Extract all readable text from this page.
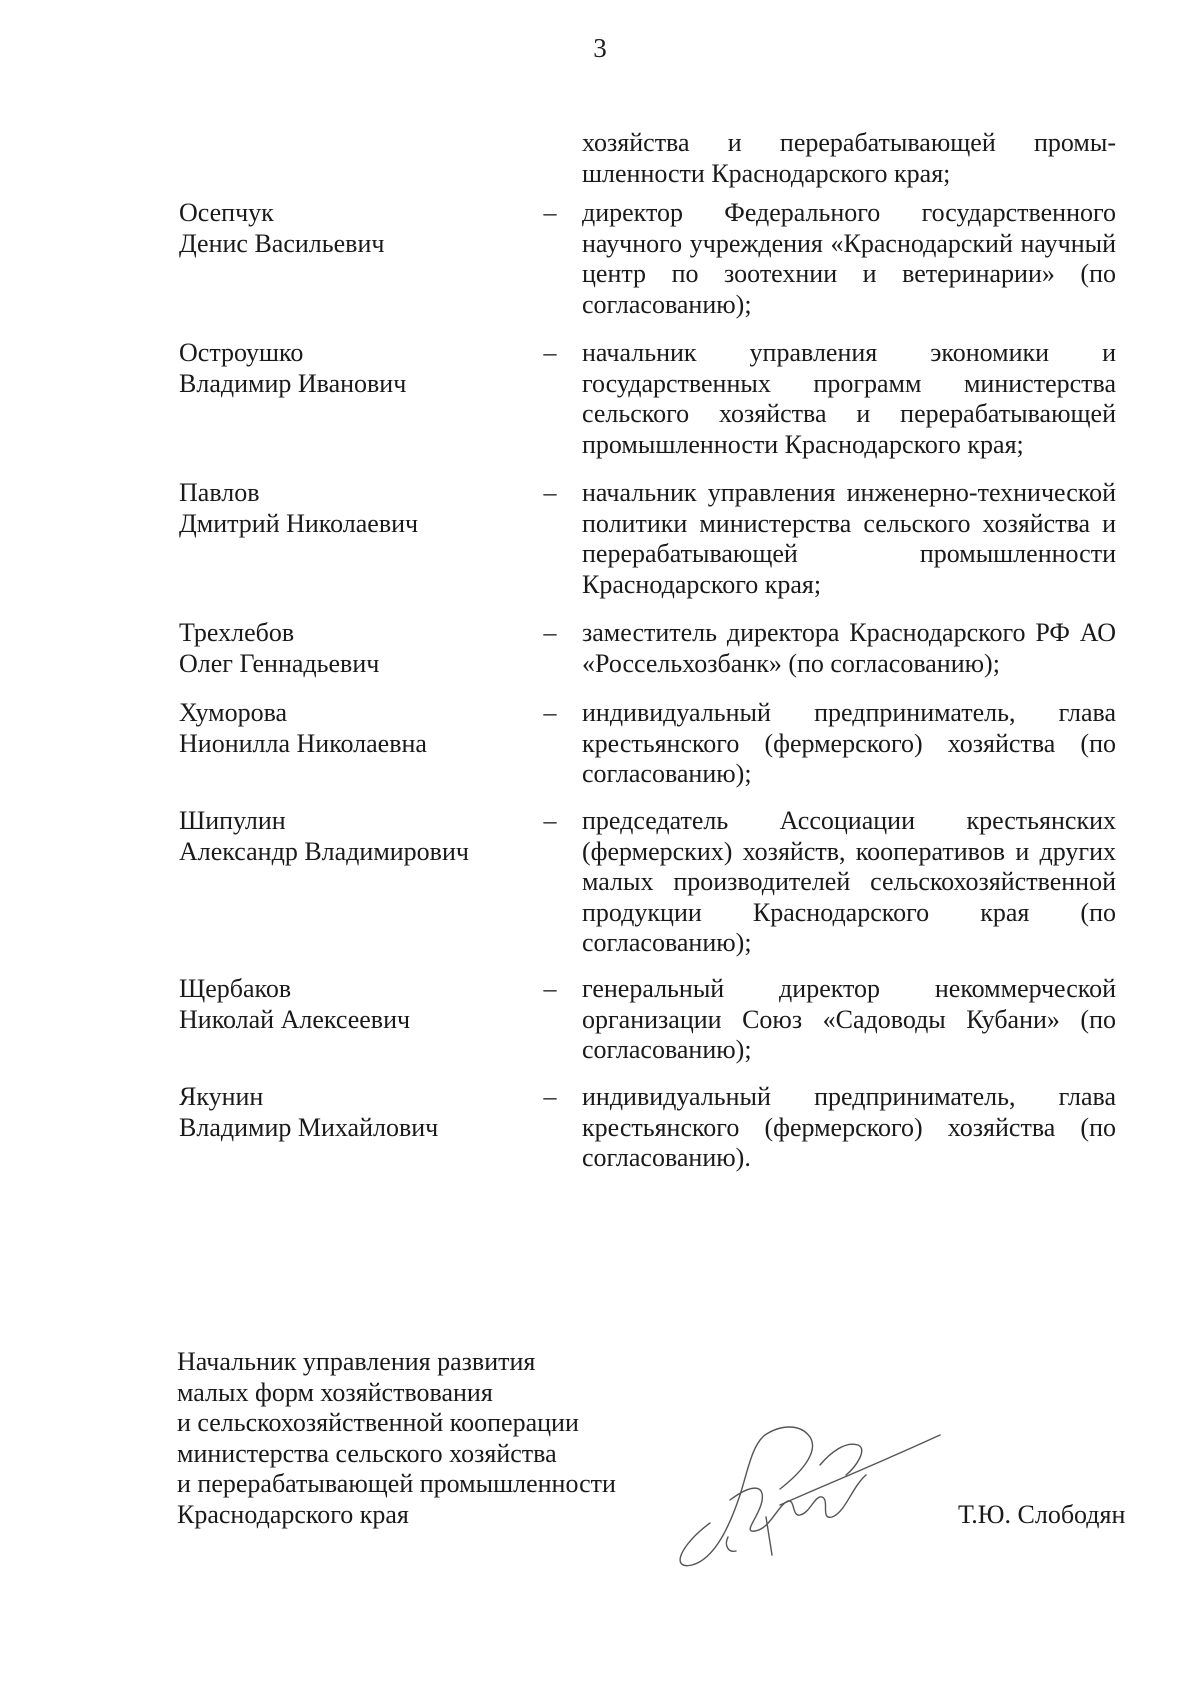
3
хозяйства и перерабатывающей промышленности Краснодарского края;
Осепчук
Денис Васильевич
– директор Федерального государственного научного учреждения «Краснодарский научный центр по зоотехнии и ветеринарии» (по согласованию);
Остроушко
Владимир Иванович
– начальник управления экономики и государственных программ министерства сельского хозяйства и перерабатывающей промышленности Краснодарского края;
Павлов
Дмитрий Николаевич
– начальник управления инженерно-технической политики министерства сельского хозяйства и перерабатывающей промышленности Краснодарского края;
Трехлебов
Олег Геннадьевич
– заместитель директора Краснодарского РФ АО «Россельхозбанк» (по согласованию);
Хуморова
Нионилла Николаевна
– индивидуальный предприниматель, глава крестьянского (фермерского) хозяйства (по согласованию);
Шипулин
Александр Владимирович
– председатель Ассоциации крестьянских (фермерских) хозяйств, кооперативов и других малых производителей сельскохозяйственной продукции Краснодарского края (по согласованию);
Щербаков
Николай Алексеевич
– генеральный директор некоммерческой организации Союз «Садоводы Кубани» (по согласованию);
Якунин
Владимир Михайлович
– индивидуальный предприниматель, глава крестьянского (фермерского) хозяйства (по согласованию).
Начальник управления развития
малых форм хозяйствования
и сельскохозяйственной кооперации
министерства сельского хозяйства
и перерабатывающей промышленности
Краснодарского края	Т.Ю. Слободян
